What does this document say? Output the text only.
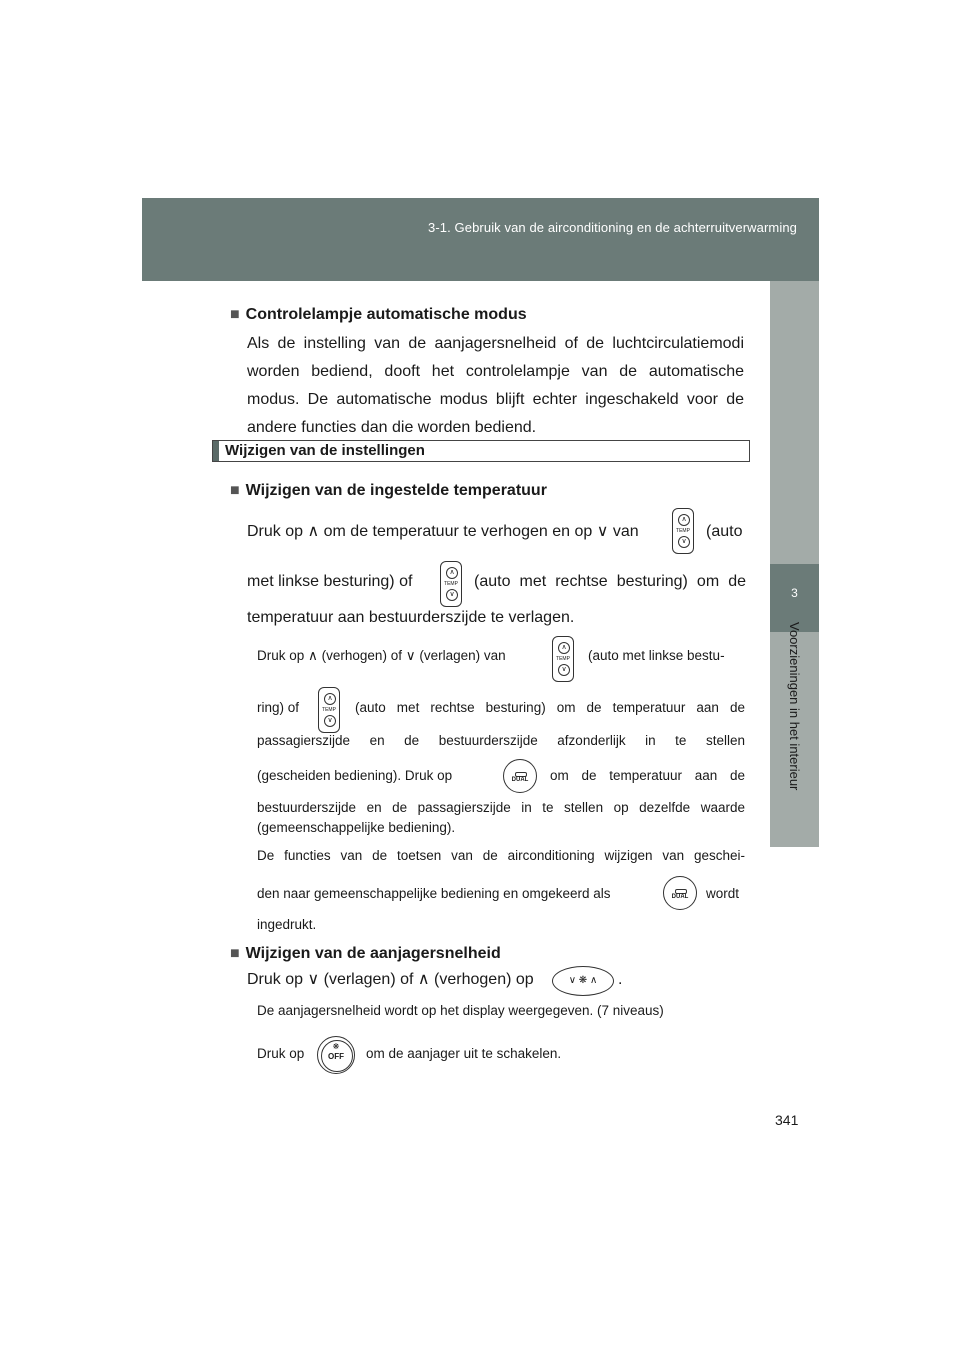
3-1. Gebruik van de airconditioning en de achterruitverwarming
3
Voorzieningen in het interieur
■ Controlelampje automatische modus
Als de instelling van de aanjagersnelheid of de luchtcirculatiemodi worden bediend, dooft het controlelampje van de automatische modus. De automatische modus blijft echter ingeschakeld voor de andere functies dan die worden bediend.
Wijzigen van de instellingen
■ Wijzigen van de ingestelde temperatuur
Druk op ∧ om de temperatuur te verhogen en op ∨ van
∧
TEMP
∨
(auto
met linkse besturing) of
∧
TEMP
∨
(auto met rechtse besturing) om de
temperatuur aan bestuurderszijde te verlagen.
Druk op ∧ (verhogen) of ∨ (verlagen) van
∧
TEMP
∨
(auto met linkse bestu-
ring) of
∧
TEMP
∨
(auto met rechtse besturing) om de temperatuur aan de
passagierszijde en de bestuurderszijde afzonderlijk in te stellen
(gescheiden bediening). Druk op	DUAL	om de temperatuur aan de
bestuurderszijde en de passagierszijde in te stellen op dezelfde waarde (gemeenschappelijke bediening).
De functies van de toetsen van de airconditioning wijzigen van geschei-
den naar gemeenschappelijke bediening en omgekeerd als	DUAL	wordt
ingedrukt.
■ Wijzigen van de aanjagersnelheid
Druk op ∨ (verlagen) of ∧ (verhogen) op	∨ ❋ ∧	.
De aanjagersnelheid wordt op het display weergegeven. (7 niveaus)
Druk op	❋
OFF	om de aanjager uit te schakelen.
341
